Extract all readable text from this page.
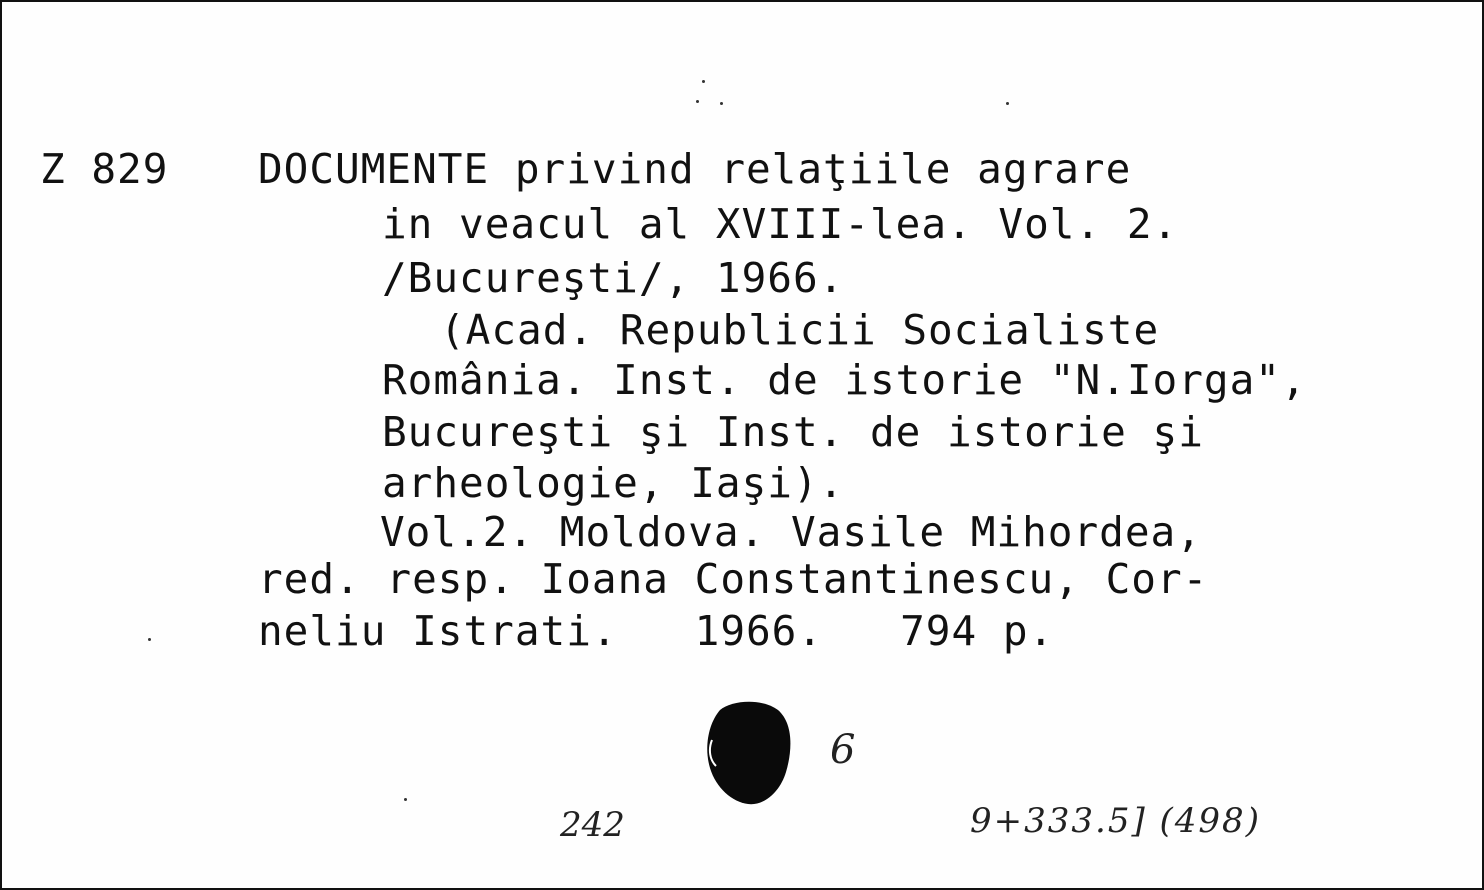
Z 829 DOCUMENTE privind relaţiile agrare
in veacul al XVIII-lea. Vol. 2.
/Bucureşti/, 1966.
(Acad. Republicii Socialiste
România. Inst. de istorie "N.Iorga",
Bucureşti şi Inst. de istorie şi
arheologie, Iaşi).
Vol.2. Moldova. Vasile Mihordea,
red. resp. Ioana Constantinescu, Cor-
neliu Istrati.   1966.   794 p.
242
6
9+333.5] (498)
